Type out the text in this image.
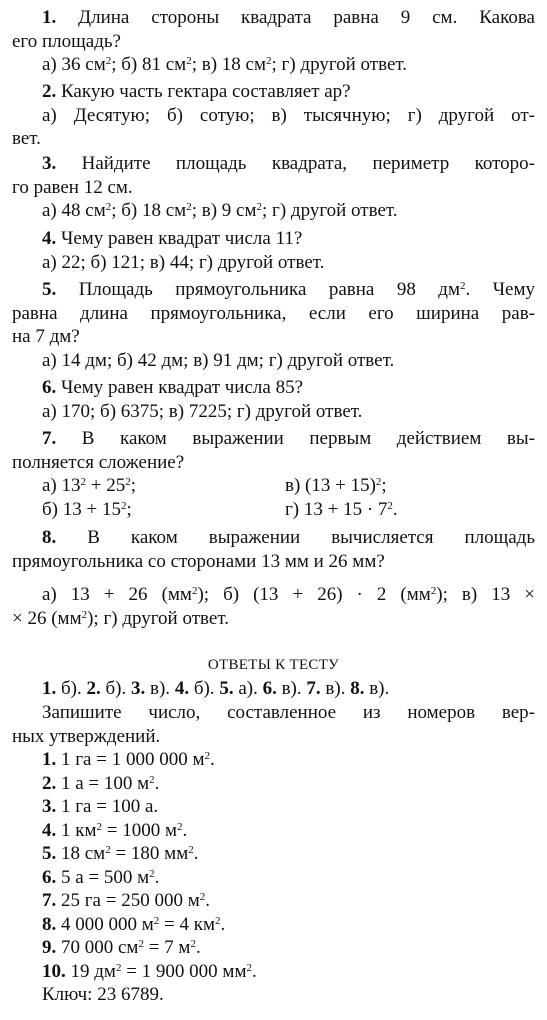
1. Длина стороны квадрата равна 9 см. Какова
его площадь?
а) 36 $см^2$; б) 81 $см^2$; в) 18 $см^2$; г) другой ответ.
2. Какую часть гектара составляет ар?
а) Десятую; б) сотую; в) тысячную; г) другой от-
вет.
3. Найдите площадь квадрата, периметр которо-
го равен 12 см.
а) 48 $см^2$; б) 18 $см^2$; в) 9 $см^2$; г) другой ответ.
4. Чему равен квадрат числа 11?
а) 22; б) 121; в) 44; г) другой ответ.
5. Площадь прямоугольника равна 98 $дм^2$. Чему
равна длина прямоугольника, если его ширина рав-
на 7 дм?
а) 14 дм; б) 42 дм; в) 91 дм; г) другой ответ.
6. Чему равен квадрат числа 85?
а) 170; б) 6375; в) 7225; г) другой ответ.
7. В каком выражении первым действием вы-
полняется сложение?
а) $13^2 + 25^2$;	в) $(13 + 15)^2$;
б) $13 + 15^2$;	г) $13 + 15 \cdot 7^2$.
8. В каком выражении вычисляется площадь
прямоугольника со сторонами 13 мм и 26 мм?
а) 13 + 26 $(мм^2)$; б) (13 + 26) · 2 $(мм^2)$; в) 13 ×
× 26 $(мм^2)$; г) другой ответ.
ОТВЕТЫ К ТЕСТУ
1. б). 2. б). 3. в). 4. б). 5. а). 6. в). 7. в). 8. в).
Запишите число, составленное из номеров вер-
ных утверждений.
1. 1 га = 1 000 000 $м^2$.
2. 1 а = 100 $м^2$.
3. 1 га = 100 а.
4. 1 $км^2 = 1000$ $м^2$.
5. 18 $см^2 = 180$ $мм^2$.
6. 5 а = 500 $м^2$.
7. 25 га = 250 000 $м^2$.
8. 4 000 000 $м^2 = 4$ $км^2$.
9. 70 000 $см^2 = 7$ $м^2$.
10. 19 $дм^2 = 1$ 900 000 $мм^2$.
Ключ: 23 6789.
